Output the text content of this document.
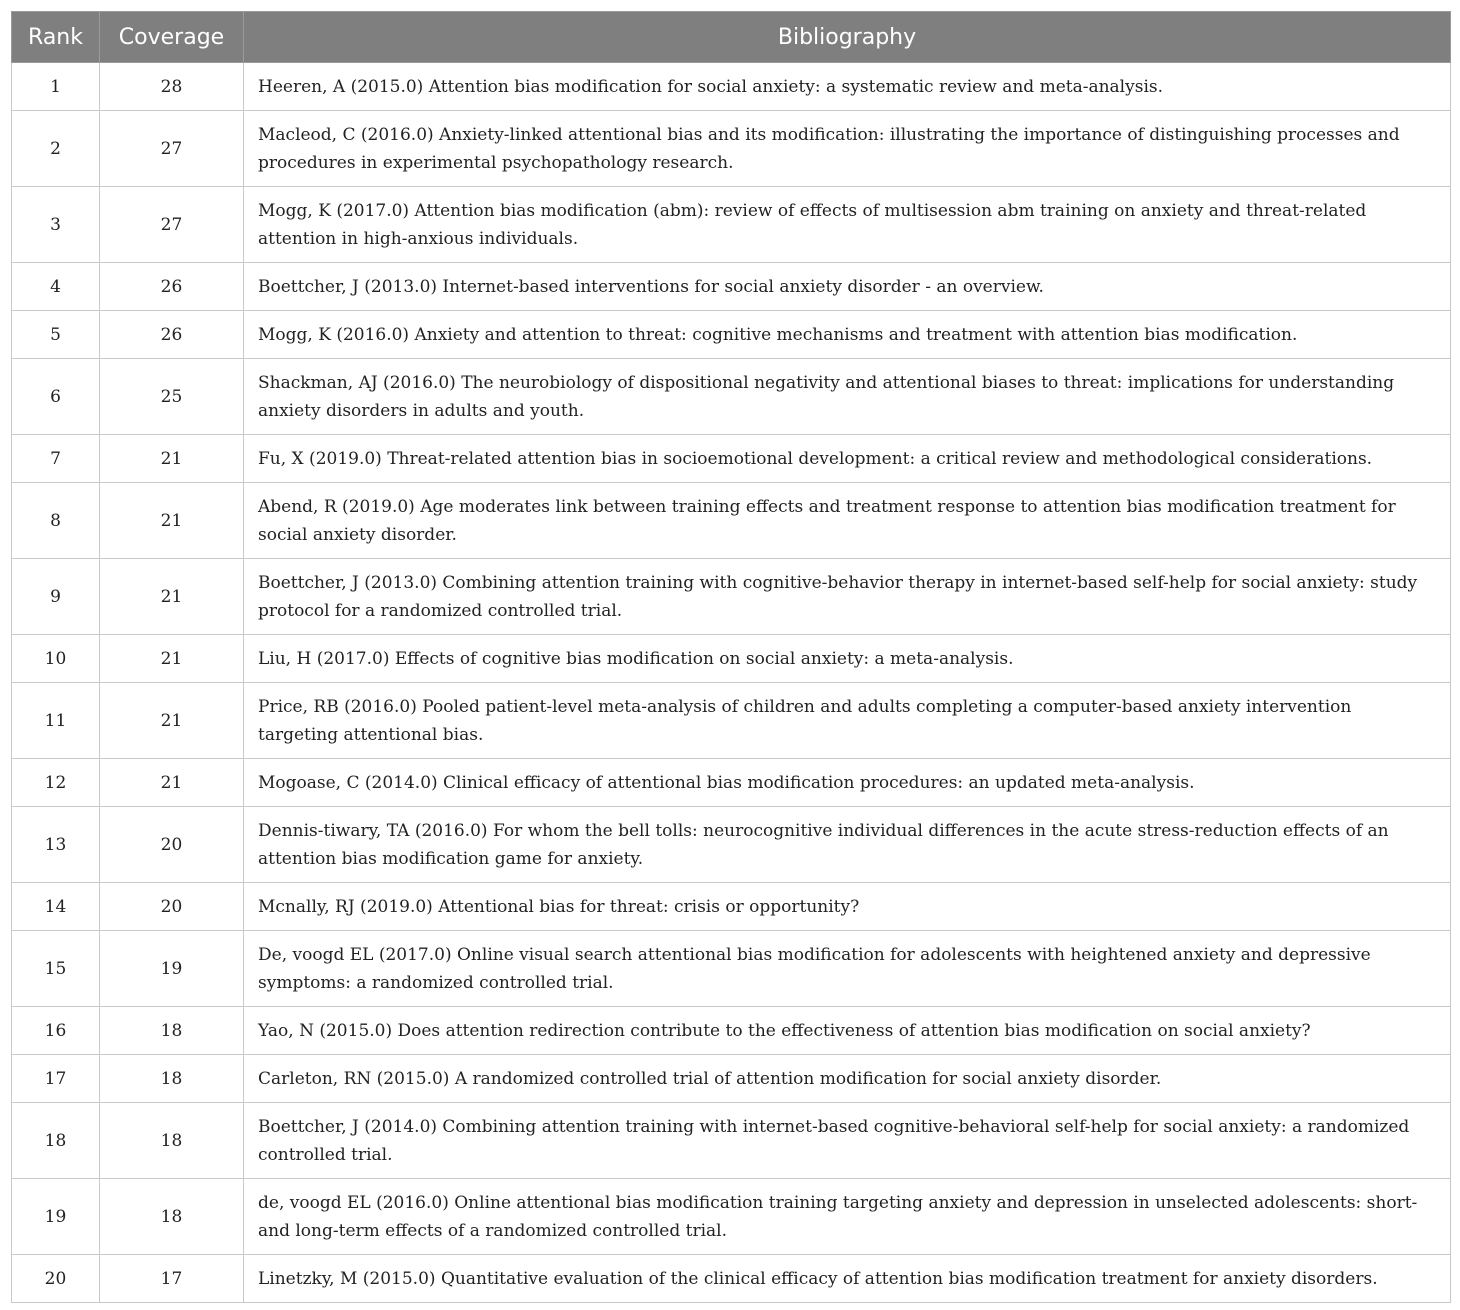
Rank	Coverage	Bibliography
1	28	Heeren, A (2015.0) Attention bias modification for social anxiety: a systematic review and meta-analysis.
2	27	Macleod, C (2016.0) Anxiety-linked attentional bias and its modification: illustrating the importance of distinguishing processes and procedures in experimental psychopathology research.
3	27	Mogg, K (2017.0) Attention bias modification (abm): review of effects of multisession abm training on anxiety and threat-related attention in high-anxious individuals.
4	26	Boettcher, J (2013.0) Internet-based interventions for social anxiety disorder - an overview.
5	26	Mogg, K (2016.0) Anxiety and attention to threat: cognitive mechanisms and treatment with attention bias modification.
6	25	Shackman, AJ (2016.0) The neurobiology of dispositional negativity and attentional biases to threat: implications for understanding anxiety disorders in adults and youth.
7	21	Fu, X (2019.0) Threat-related attention bias in socioemotional development: a critical review and methodological considerations.
8	21	Abend, R (2019.0) Age moderates link between training effects and treatment response to attention bias modification treatment for social anxiety disorder.
9	21	Boettcher, J (2013.0) Combining attention training with cognitive-behavior therapy in internet-based self-help for social anxiety: study protocol for a randomized controlled trial.
10	21	Liu, H (2017.0) Effects of cognitive bias modification on social anxiety: a meta-analysis.
11	21	Price, RB (2016.0) Pooled patient-level meta-analysis of children and adults completing a computer-based anxiety intervention targeting attentional bias.
12	21	Mogoase, C (2014.0) Clinical efficacy of attentional bias modification procedures: an updated meta-analysis.
13	20	Dennis-tiwary, TA (2016.0) For whom the bell tolls: neurocognitive individual differences in the acute stress-reduction effects of an attention bias modification game for anxiety.
14	20	Mcnally, RJ (2019.0) Attentional bias for threat: crisis or opportunity?
15	19	De, voogd EL (2017.0) Online visual search attentional bias modification for adolescents with heightened anxiety and depressive symptoms: a randomized controlled trial.
16	18	Yao, N (2015.0) Does attention redirection contribute to the effectiveness of attention bias modification on social anxiety?
17	18	Carleton, RN (2015.0) A randomized controlled trial of attention modification for social anxiety disorder.
18	18	Boettcher, J (2014.0) Combining attention training with internet-based cognitive-behavioral self-help for social anxiety: a randomized controlled trial.
19	18	de, voogd EL (2016.0) Online attentional bias modification training targeting anxiety and depression in unselected adolescents: short- and long-term effects of a randomized controlled trial.
20	17	Linetzky, M (2015.0) Quantitative evaluation of the clinical efficacy of attention bias modification treatment for anxiety disorders.
